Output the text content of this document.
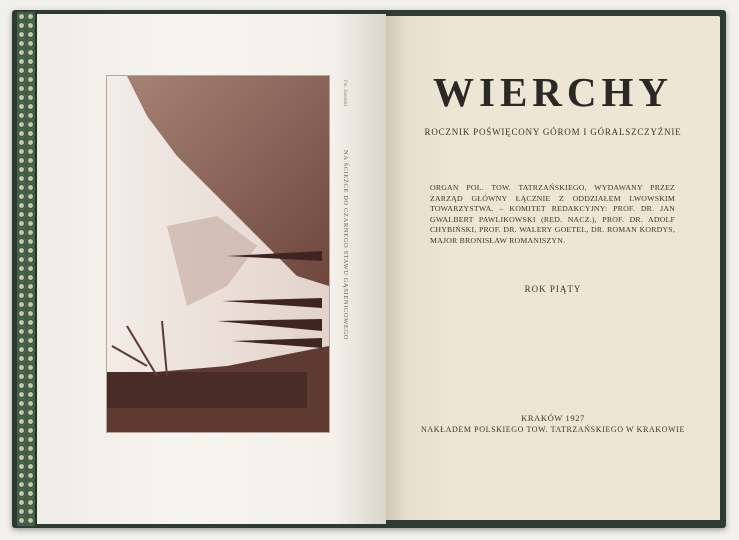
NA ŚCIEŻCE DO CZARNEGO STAWU GĄSIENICOWEGO
Fot. Zasiński	WIERCHY
ROCZNIK POŚWIĘCONY GÓROM I GÓRALSZCZYŹNIE
ORGAN POL. TOW. TATRZAŃSKIEGO, WYDAWANY PRZEZ ZARZĄD GŁÓWNY ŁĄCZNIE Z ODDZIAŁEM LWOWSKIM TOWARZYSTWA. – KOMITET REDAKCYJNY: PROF. DR. JAN GWALBERT PAWLIKOWSKI (RED. NACZ.), PROF. DR. ADOLF CHYBIŃSKI, PROF. DR. WALERY GOETEL, DR. ROMAN KORDYS, MAJOR BRONISŁAW ROMANISZYN.
ROK PIĄTY
KRAKÓW 1927
NAKŁADEM POLSKIEGO TOW. TATRZAŃSKIEGO W KRAKOWIE
